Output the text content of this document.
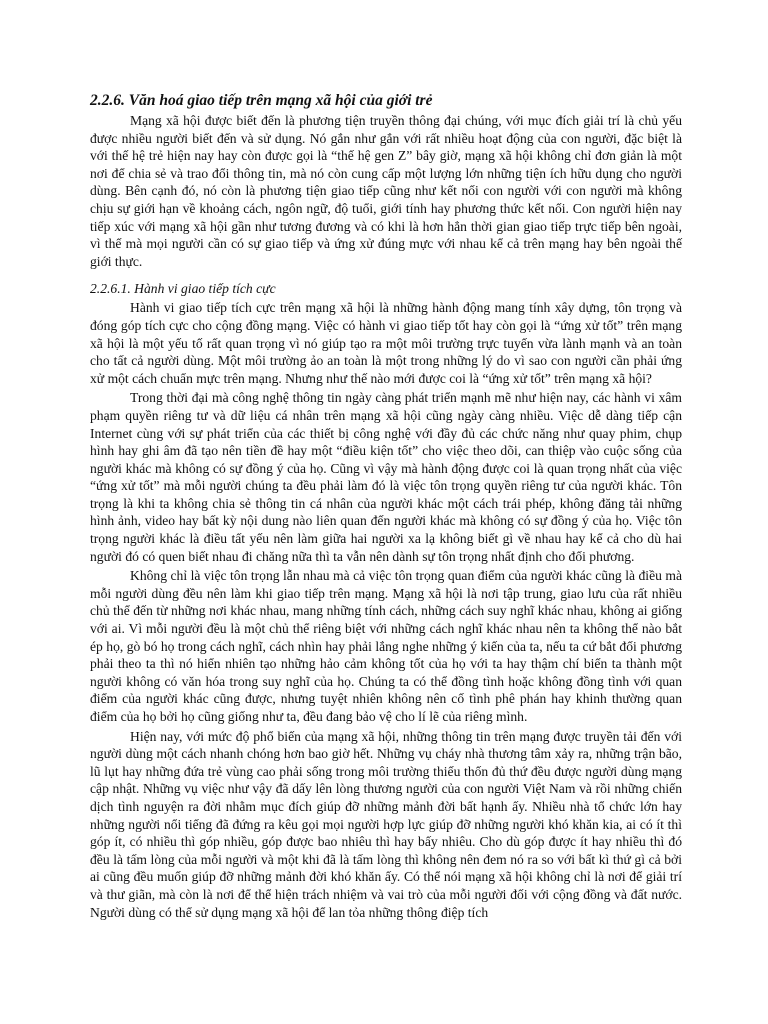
2.2.6. Văn hoá giao tiếp trên mạng xã hội của giới trẻ

Mạng xã hội được biết đến là phương tiện truyền thông đại chúng, với mục đích giải trí là chủ yếu được nhiều người biết đến và sử dụng. Nó gắn như gắn với rất nhiều hoạt động của con người, đặc biệt là với thế hệ trẻ hiện nay hay còn được gọi là “thế hệ gen Z” bây giờ, mạng xã hội không chỉ đơn giản là một nơi để chia sẻ và trao đổi thông tin, mà nó còn cung cấp một lượng lớn những tiện ích hữu dụng cho người dùng. Bên cạnh đó, nó còn là phương tiện giao tiếp cũng như kết nối con người với con người mà không chịu sự giới hạn về khoảng cách, ngôn ngữ, độ tuổi, giới tính hay phương thức kết nối. Con người hiện nay tiếp xúc với mạng xã hội gần như tương đương và có khi là hơn hẳn thời gian giao tiếp trực tiếp bên ngoài, vì thế mà mọi người cần có sự giao tiếp và ứng xử đúng mực với nhau kể cả trên mạng hay bên ngoài thế giới thực.

2.2.6.1. Hành vi giao tiếp tích cực

Hành vi giao tiếp tích cực trên mạng xã hội là những hành động mang tính xây dựng, tôn trọng và đóng góp tích cực cho cộng đồng mạng. Việc có hành vi giao tiếp tốt hay còn gọi là “ứng xử tốt” trên mạng xã hội là một yếu tố rất quan trọng vì nó giúp tạo ra một môi trường trực tuyến vừa lành mạnh và an toàn cho tất cả người dùng. Một môi trường ảo an toàn là một trong những lý do vì sao con người cần phải ứng xử một cách chuẩn mực trên mạng. Nhưng như thế nào mới được coi là “ứng xử tốt” trên mạng xã hội?

Trong thời đại mà công nghệ thông tin ngày càng phát triển mạnh mẽ như hiện nay, các hành vi xâm phạm quyền riêng tư và dữ liệu cá nhân trên mạng xã hội cũng ngày càng nhiều. Việc dễ dàng tiếp cận Internet cùng với sự phát triển của các thiết bị công nghệ với đầy đủ các chức năng như quay phim, chụp hình hay ghi âm đã tạo nên tiền đề hay một “điều kiện tốt” cho việc theo dõi, can thiệp vào cuộc sống của người khác mà không có sự đồng ý của họ. Cũng vì vậy mà hành động được coi là quan trọng nhất của việc “ứng xử tốt” mà mỗi người chúng ta đều phải làm đó là việc tôn trọng quyền riêng tư của người khác. Tôn trọng là khi ta không chia sẻ thông tin cá nhân của người khác một cách trái phép, không đăng tải những hình ảnh, video hay bất kỳ nội dung nào liên quan đến người khác mà không có sự đồng ý của họ. Việc tôn trọng người khác là điều tất yếu nên làm giữa hai người xa lạ không biết gì về nhau hay kể cả cho dù hai người đó có quen biết nhau đi chăng nữa thì ta vẫn nên dành sự tôn trọng nhất định cho đối phương.

Không chỉ là việc tôn trọng lẫn nhau mà cả việc tôn trọng quan điểm của người khác cũng là điều mà mỗi người dùng đều nên làm khi giao tiếp trên mạng. Mạng xã hội là nơi tập trung, giao lưu của rất nhiều chủ thể đến từ những nơi khác nhau, mang những tính cách, những cách suy nghĩ khác nhau, không ai giống với ai. Vì mỗi người đều là một chủ thể riêng biệt với những cách nghĩ khác nhau nên ta không thể nào bắt ép họ, gò bó họ trong cách nghĩ, cách nhìn hay phải lắng nghe những ý kiến của ta, nếu ta cứ bắt đối phương phải theo ta thì nó hiển nhiên tạo những hảo cảm không tốt của họ với ta hay thậm chí biến ta thành một người không có văn hóa trong suy nghĩ của họ. Chúng ta có thể đồng tình hoặc không đồng tình với quan điểm của người khác cũng được, nhưng tuyệt nhiên không nên cố tình phê phán hay khinh thường quan điểm của họ bởi họ cũng giống như ta, đều đang bảo vệ cho lí lẽ của riêng mình.

Hiện nay, với mức độ phổ biến của mạng xã hội, những thông tin trên mạng được truyền tải đến với người dùng một cách nhanh chóng hơn bao giờ hết. Những vụ cháy nhà thương tâm xảy ra, những trận bão, lũ lụt hay những đứa trẻ vùng cao phải sống trong môi trường thiếu thốn đủ thứ đều được người dùng mạng cập nhật. Những vụ việc như vậy đã dấy lên lòng thương người của con người Việt Nam và rồi những chiến dịch tình nguyện ra đời nhằm mục đích giúp đỡ những mảnh đời bất hạnh ấy. Nhiều nhà tổ chức lớn hay những người nổi tiếng đã đứng ra kêu gọi mọi người hợp lực giúp đỡ những người khó khăn kia, ai có ít thì góp ít, có nhiều thì góp nhiều, góp được bao nhiêu thì hay bấy nhiêu. Cho dù góp được ít hay nhiều thì đó đều là tấm lòng của mỗi người và một khi đã là tấm lòng thì không nên đem nó ra so với bất kì thứ gì cả bởi ai cũng đều muốn giúp đỡ những mảnh đời khó khăn ấy. Có thể nói mạng xã hội không chỉ là nơi để giải trí và thư giãn, mà còn là nơi để thể hiện trách nhiệm và vai trò của mỗi người đối với cộng đồng và đất nước. Người dùng có thể sử dụng mạng xã hội để lan tỏa những thông điệp tích
